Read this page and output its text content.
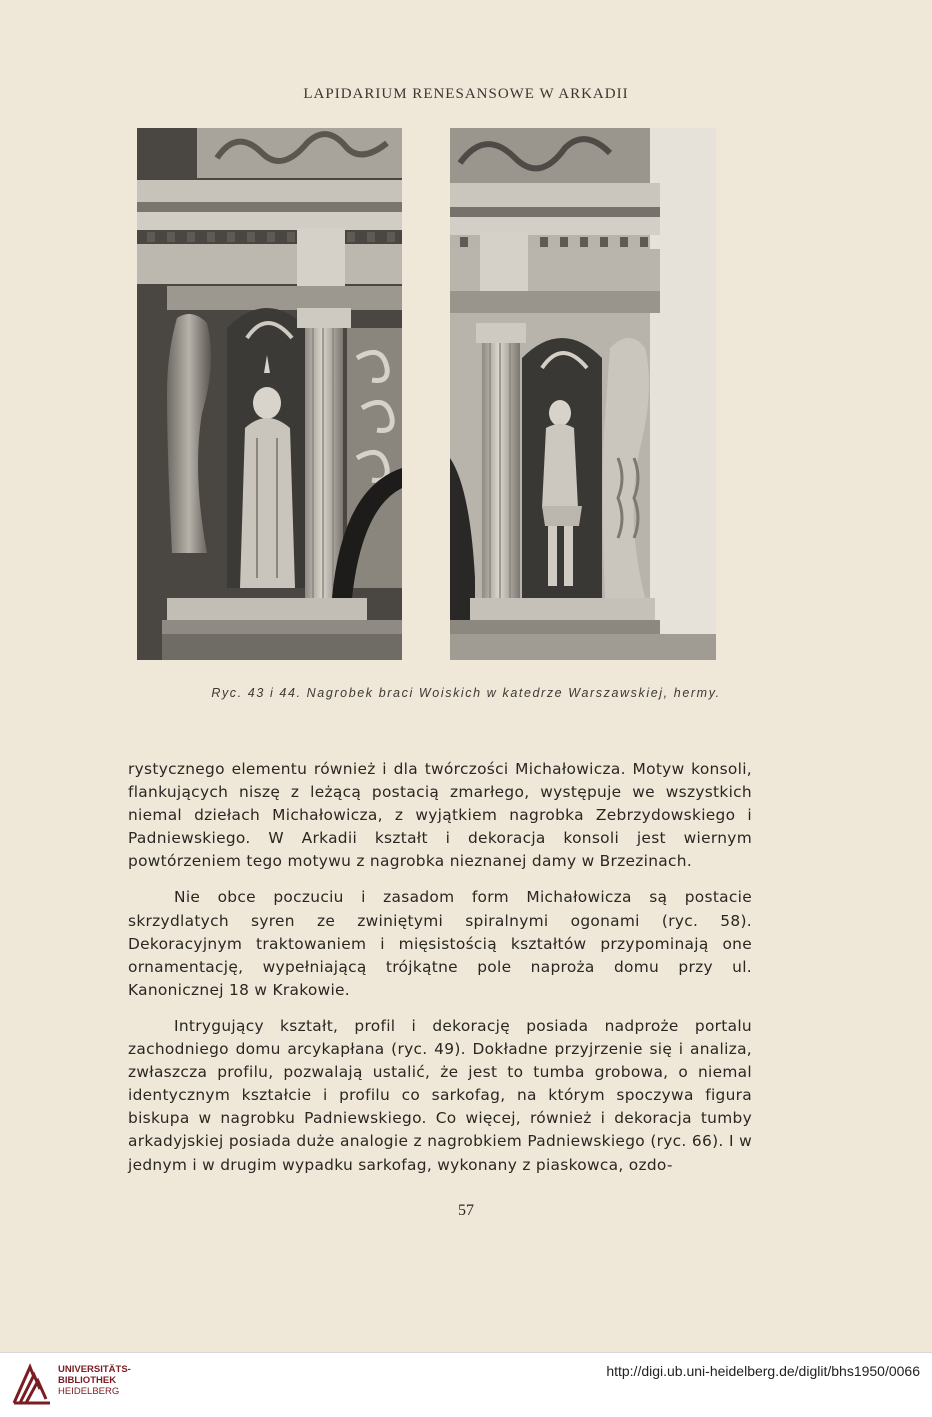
LAPIDARIUM RENESANSOWE W ARKADII
Ryc. 43 i 44. Nagrobek braci Woiskich w katedrze Warszawskiej, hermy.

rystycznego elementu również i dla twórczości Michałowicza. Motyw konsoli, flankujących niszę z leżącą postacią zmarłego, występuje we wszystkich niemal dziełach Michałowicza, z wyjątkiem nagrobka Zebrzydowskiego i Padniewskiego. W Arkadii kształt i dekoracja konsoli jest wiernym powtórzeniem tego motywu z nagrobka nieznanej damy w Brzezinach.

Nie obce poczuciu i zasadom form Michałowicza są postacie skrzydlatych syren ze zwiniętymi spiralnymi ogonami (ryc. 58). Dekoracyjnym traktowaniem i mięsistością kształtów przypominają one ornamentację, wypełniającą trójkątne pole naproża domu przy ul. Kanonicznej 18 w Krakowie.

Intrygujący kształt, profil i dekorację posiada nadproże portalu zachodniego domu arcykapłana (ryc. 49). Dokładne przyjrzenie się i analiza, zwłaszcza profilu, pozwalają ustalić, że jest to tumba grobowa, o niemal identycznym kształcie i profilu co sarkofag, na którym spoczywa figura biskupa w nagrobku Padniewskiego. Co więcej, również i dekoracja tumby arkadyjskiej posiada duże analogie z nagrobkiem Padniewskiego (ryc. 66). I w jednym i w drugim wypadku sarkofag, wykonany z piaskowca, ozdo-

57
UNIVERSITÄTS-
BIBLIOTHEK
HEIDELBERG
http://digi.ub.uni-heidelberg.de/diglit/bhs1950/0066
